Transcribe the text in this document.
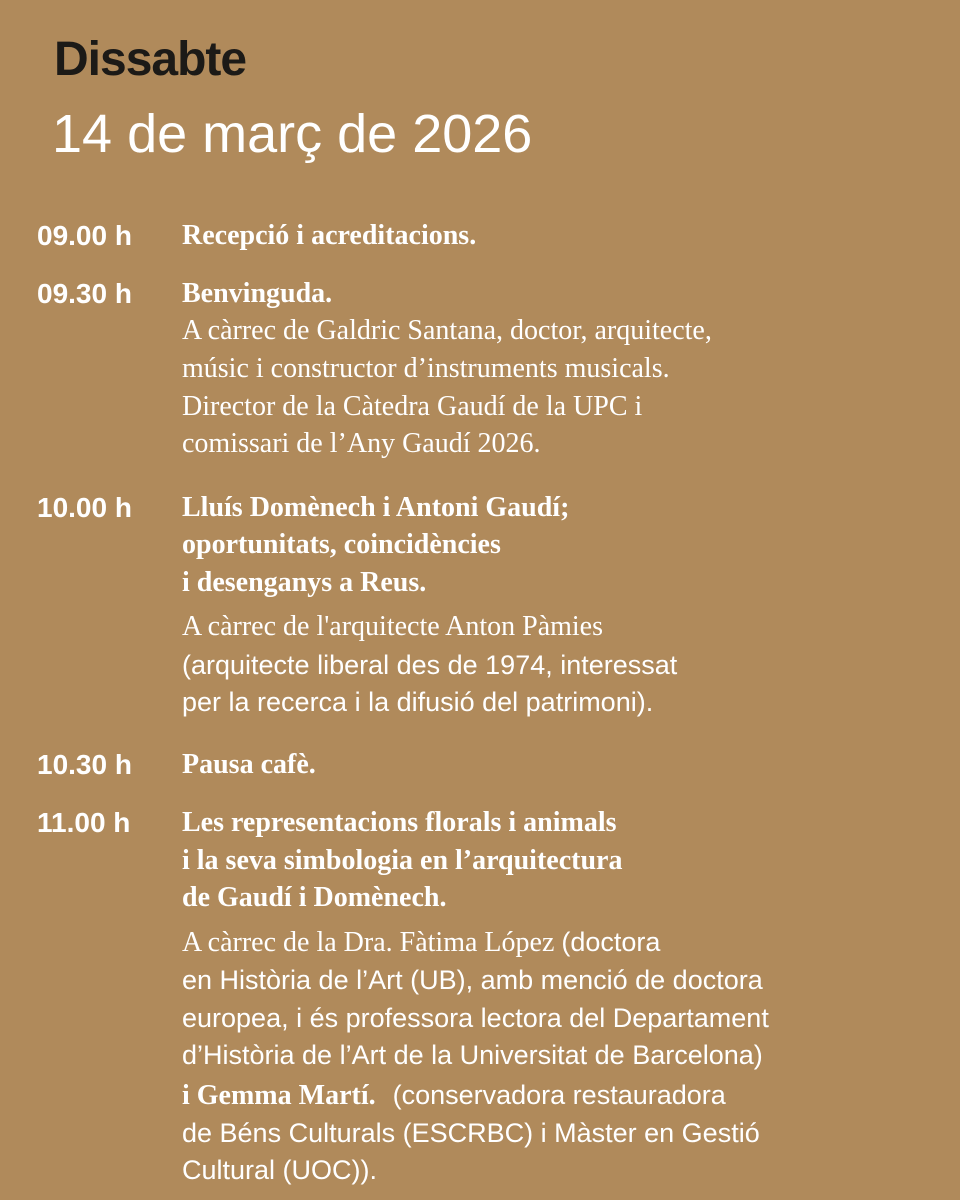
Dissabte
14 de març de 2026
09.00 h Recepció i acreditacions.
09.30 h Benvinguda.
A càrrec de Galdric Santana, doctor, arquitecte,
músic i constructor d’instruments musicals.
Director de la Càtedra Gaudí de la UPC i
comissari de l’Any Gaudí 2026.
10.00 h Lluís Domènech i Antoni Gaudí;
oportunitats, coincidències
i desenganys a Reus.
A càrrec de l'arquitecte Anton Pàmies
(arquitecte liberal des de 1974, interessat
per la recerca i la difusió del patrimoni).
10.30 h Pausa cafè.
11.00 h Les representacions florals i animals
i la seva simbologia en l’arquitectura
de Gaudí i Domènech.
A càrrec de la Dra. Fàtima López (doctora
en Història de l’Art (UB), amb menció de doctora
europea, i és professora lectora del Departament
d’Història de l’Art de la Universitat de Barcelona)
i Gemma Martí. (conservadora restauradora
de Béns Culturals (ESCRBC) i Màster en Gestió
Cultural (UOC)).
